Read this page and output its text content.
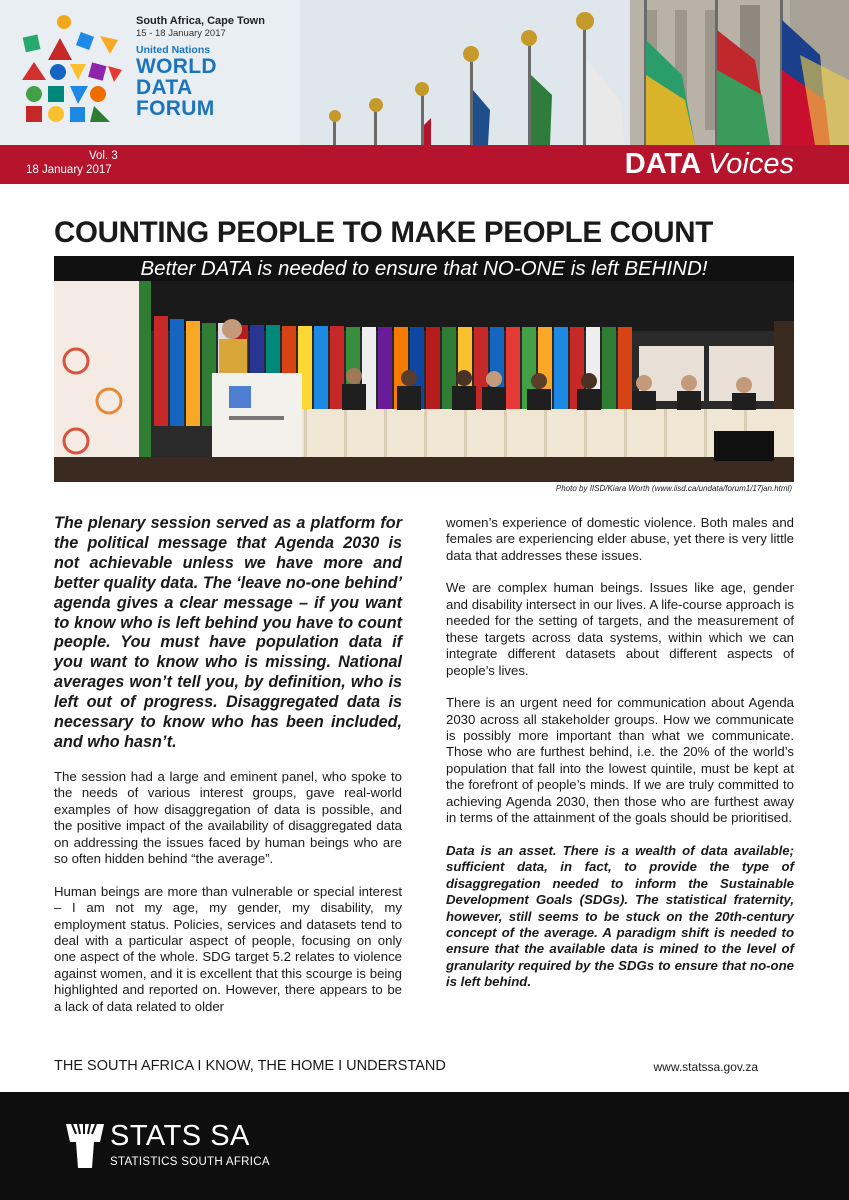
South Africa, Cape Town
15 - 18 January 2017
United Nations
WORLD
DATA
FORUM
Vol. 3
18 January 2017	DATA Voices
COUNTING PEOPLE TO MAKE PEOPLE COUNT
Better DATA is needed to ensure that NO-ONE is left BEHIND!
Photo by IISD/Kiara Worth (www.iisd.ca/undata/forum1/17jan.html)

The plenary session served as a platform for the political message that Agenda 2030 is not achievable unless we have more and better quality data. The ‘leave no-one behind’ agenda gives a clear message – if you want to know who is left behind you have to count people. You must have population data if you want to know who is missing. National averages won’t tell you, by definition, who is left out of progress. Disaggregated data is necessary to know who has been included, and who hasn’t.

The session had a large and eminent panel, who spoke to the needs of various interest groups, gave real-world examples of how disaggregation of data is possible, and the positive impact of the availability of disaggregated data on addressing the issues faced by human beings who are so often hidden behind “the average”.

Human beings are more than vulnerable or special interest – I am not my age, my gender, my disability, my employment status. Policies, services and datasets tend to deal with a particular aspect of people, focusing on only one aspect of the whole. SDG target 5.2 relates to violence against women, and it is excellent that this scourge is being highlighted and reported on. However, there appears to be a lack of data related to older

women’s experience of domestic violence. Both males and females are experiencing elder abuse, yet there is very little data that addresses these issues.

We are complex human beings. Issues like age, gender and disability intersect in our lives. A life-course approach is needed for the setting of targets, and the measurement of these targets across data systems, within which we can integrate different datasets about different aspects of people’s lives.

There is an urgent need for communication about Agenda 2030 across all stakeholder groups. How we communicate is possibly more important than what we communicate. Those who are furthest behind, i.e. the 20% of the world’s population that fall into the lowest quintile, must be kept at the forefront of people’s minds. If we are truly committed to achieving Agenda 2030, then those who are furthest away in terms of the attainment of the goals should be prioritised.

Data is an asset. There is a wealth of data available; sufficient data, in fact, to provide the type of disaggregation needed to inform the Sustainable Development Goals (SDGs). The statistical fraternity, however, still seems to be stuck on the 20th-century concept of the average. A paradigm shift is needed to ensure that the available data is mined to the level of granularity required by the SDGs to ensure that no-one is left behind.

THE SOUTH AFRICA I KNOW, THE HOME I UNDERSTAND	www.statssa.gov.za
STATS SA
STATISTICS SOUTH AFRICA
